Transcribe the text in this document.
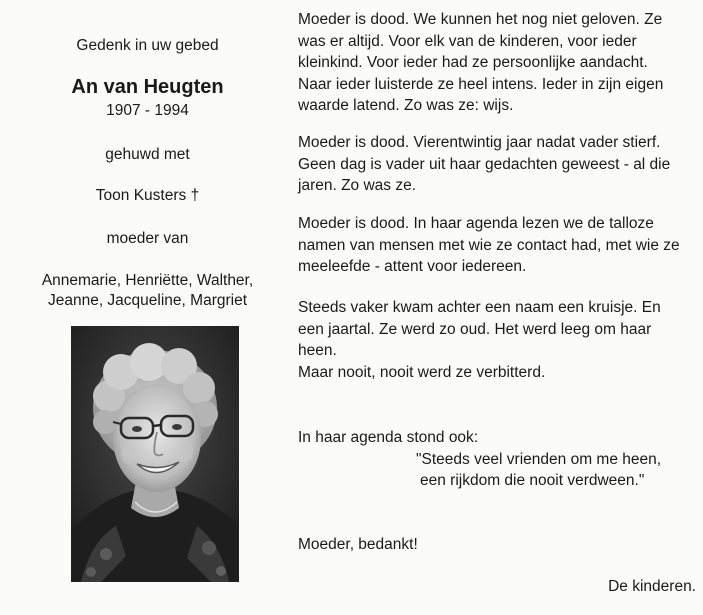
Gedenk in uw gebed
An van Heugten
1907 - 1994
gehuwd met
Toon Kusters †
moeder van
Annemarie, Henriëtte, Walther,
Jeanne, Jacqueline, Margriet
Moeder is dood. We kunnen het nog niet geloven. Ze
was er altijd. Voor elk van de kinderen, voor ieder
kleinkind. Voor ieder had ze persoonlijke aandacht.
Naar ieder luisterde ze heel intens. Ieder in zijn eigen
waarde latend. Zo was ze: wijs.
Moeder is dood. Vierentwintig jaar nadat vader stierf.
Geen dag is vader uit haar gedachten geweest - al die
jaren. Zo was ze.
Moeder is dood. In haar agenda lezen we de talloze
namen van mensen met wie ze contact had, met wie ze
meeleefde - attent voor iedereen.
Steeds vaker kwam achter een naam een kruisje. En
een jaartal. Ze werd zo oud. Het werd leeg om haar
heen.
Maar nooit, nooit werd ze verbitterd.
In haar agenda stond ook:
"Steeds veel vrienden om me heen,
een rijkdom die nooit verdween."
Moeder, bedankt!
De kinderen.
